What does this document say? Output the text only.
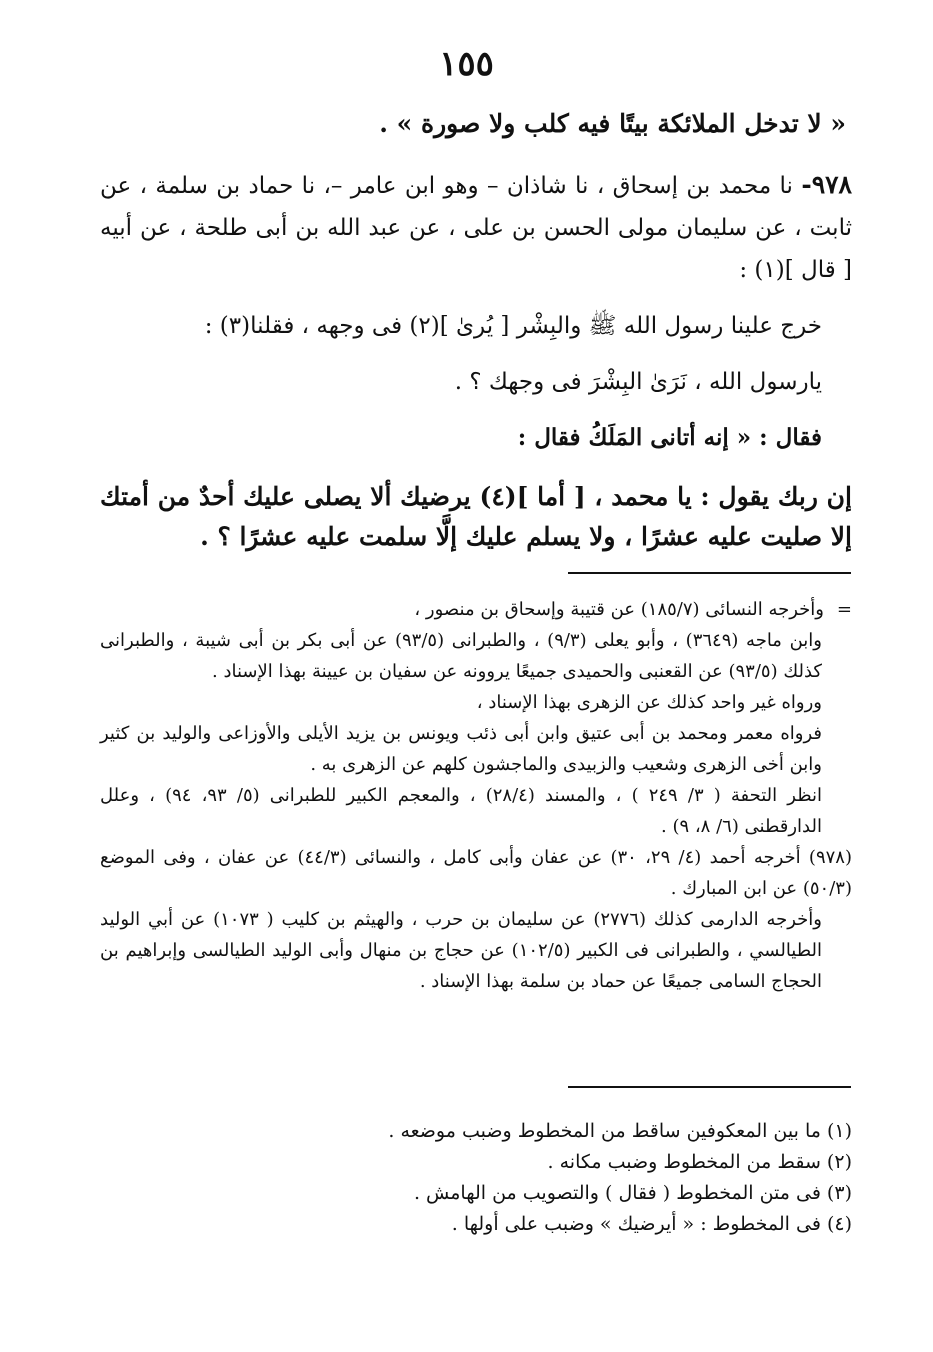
١٥٥

« لا تدخل الملائكة بيتًا فيه كلب ولا صورة » .

٩٧٨- نا محمد بن إسحاق ، نا شاذان – وهو ابن عامر –، نا حماد بن سلمة ، عن ثابت ، عن سليمان مولى الحسن بن على ، عن عبد الله بن أبى طلحة ، عن أبيه [ قال ](١) :

خرج علينا رسول الله ﷺ والبِشْر [ يُرىٰ ](٢) فى وجهه ، فقلنا(٣) :

يارسول الله ، نَرَىٰ البِشْرَ فى وجهك ؟ .

فقال : « إنه أتانى المَلَكُ فقال :

إن ربك يقول : يا محمد ، [ أما ](٤) يرضيك ألا يصلى عليك أحدٌ من أمتك إلا صليت عليه عشرًا ، ولا يسلم عليك إلَّا سلمت عليه عشرًا ؟ .

=وأخرجه النسائى (١٨٥/٧) عن قتيبة وإسحاق بن منصور ،

وابن ماجه (٣٦٤٩) ، وأبو يعلى (٩/٣) ، والطبرانى (٩٣/٥) عن أبى بكر بن أبى شيبة ، والطبرانى كذلك (٩٣/٥) عن القعنبى والحميدى جميعًا يروونه عن سفيان بن عيينة بهذا الإسناد .

ورواه غير واحد كذلك عن الزهرى بهذا الإسناد ،

فرواه معمر ومحمد بن أبى عتيق وابن أبى ذئب ويونس بن يزيد الأيلى والأوزاعى والوليد بن كثير وابن أخى الزهرى وشعيب والزبيدى والماجشون كلهم عن الزهرى به .

انظر التحفة ( ٣/ ٢٤٩ ) ، والمسند (٢٨/٤) ، والمعجم الكبير للطبرانى (٥/ ٩٣، ٩٤) ، وعلل الدارقطنى (٦/ ٨، ٩) .

(٩٧٨) أخرجه أحمد (٤/ ٢٩، ٣٠) عن عفان وأبى كامل ، والنسائى (٤٤/٣) عن عفان ، وفى الموضع (٥٠/٣) عن ابن المبارك .

وأخرجه الدارمى كذلك (٢٧٧٦) عن سليمان بن حرب ، والهيثم بن كليب ( ١٠٧٣) عن أبي الوليد الطيالسي ، والطبرانى فى الكبير (١٠٢/٥) عن حجاج بن منهال وأبى الوليد الطيالسى وإبراهيم بن الحجاج السامى جميعًا عن حماد بن سلمة بهذا الإسناد .

(١) ما بين المعكوفين ساقط من المخطوط وضبب موضعه .

(٢) سقط من المخطوط وضبب مكانه .

(٣) فى متن المخطوط ( فقال ) والتصويب من الهامش .

(٤) فى المخطوط : « أيرضيك » وضبب على أولها .
